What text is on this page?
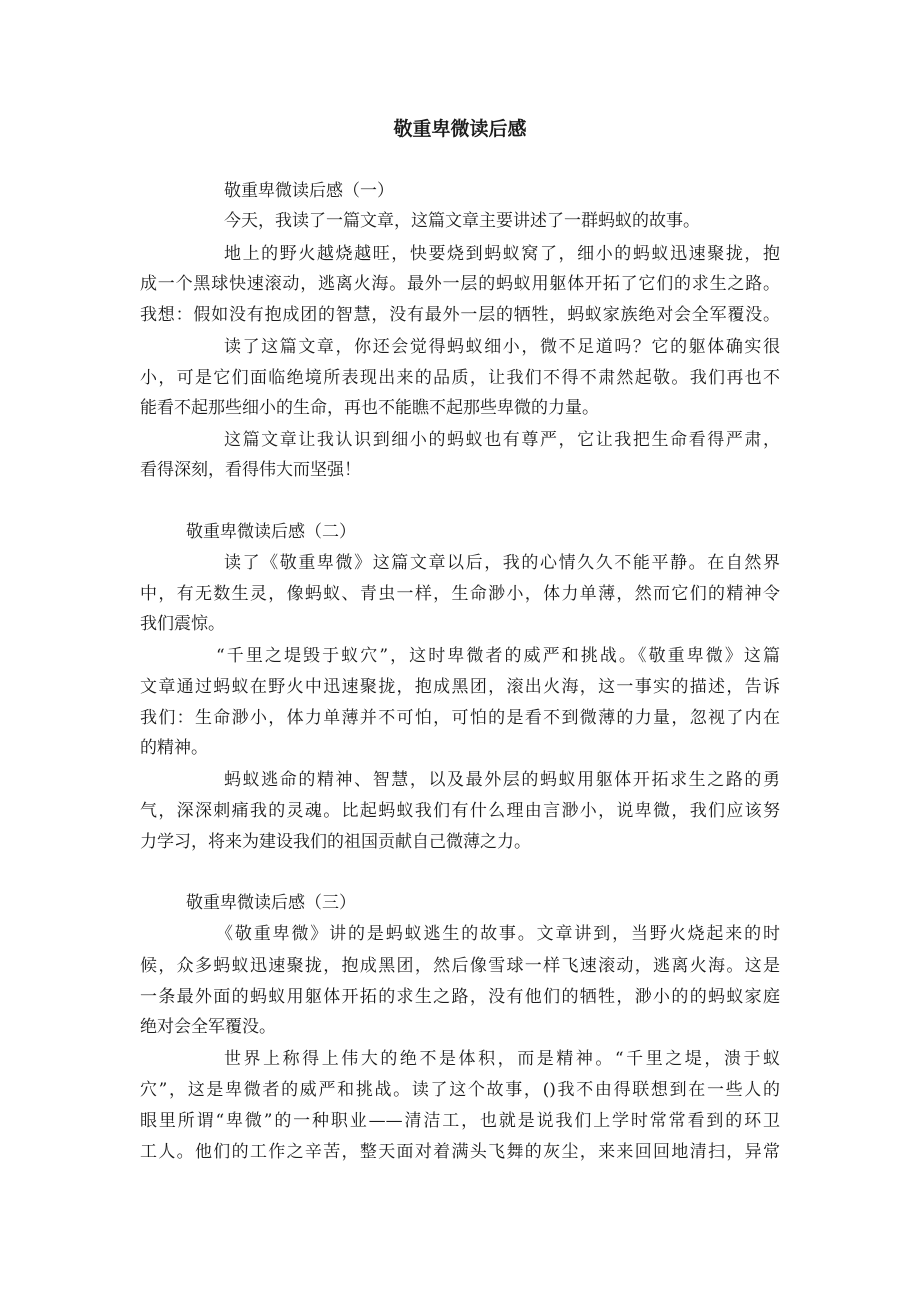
敬重卑微读后感
敬重卑微读后感（一）
今天，我读了一篇文章，这篇文章主要讲述了一群蚂蚁的故事。
地上的野火越烧越旺，快要烧到蚂蚁窝了，细小的蚂蚁迅速聚拢，抱
成一个黑球快速滚动，逃离火海。最外一层的蚂蚁用躯体开拓了它们的求生之路。
我想：假如没有抱成团的智慧，没有最外一层的牺牲，蚂蚁家族绝对会全军覆没。
读了这篇文章，你还会觉得蚂蚁细小，微不足道吗？它的躯体确实很
小，可是它们面临绝境所表现出来的品质，让我们不得不肃然起敬。我们再也不
能看不起那些细小的生命，再也不能瞧不起那些卑微的力量。
这篇文章让我认识到细小的蚂蚁也有尊严，它让我把生命看得严肃，
看得深刻，看得伟大而坚强！
敬重卑微读后感（二）
读了《敬重卑微》这篇文章以后，我的心情久久不能平静。在自然界
中，有无数生灵，像蚂蚁、青虫一样，生命渺小，体力单薄，然而它们的精神令
我们震惊。
“千里之堤毁于蚁穴”，这时卑微者的威严和挑战。《敬重卑微》这篇
文章通过蚂蚁在野火中迅速聚拢，抱成黑团，滚出火海，这一事实的描述，告诉
我们：生命渺小，体力单薄并不可怕，可怕的是看不到微薄的力量，忽视了内在
的精神。
蚂蚁逃命的精神、智慧，以及最外层的蚂蚁用躯体开拓求生之路的勇
气，深深刺痛我的灵魂。比起蚂蚁我们有什么理由言渺小，说卑微，我们应该努
力学习，将来为建设我们的祖国贡献自己微薄之力。
敬重卑微读后感（三）
《敬重卑微》讲的是蚂蚁逃生的故事。文章讲到，当野火烧起来的时
候，众多蚂蚁迅速聚拢，抱成黑团，然后像雪球一样飞速滚动，逃离火海。这是
一条最外面的蚂蚁用躯体开拓的求生之路，没有他们的牺牲，渺小的的蚂蚁家庭
绝对会全军覆没。
世界上称得上伟大的绝不是体积，而是精神。“千里之堤，溃于蚁
穴”，这是卑微者的威严和挑战。读了这个故事，()我不由得联想到在一些人的
眼里所谓“卑微”的一种职业——清洁工，也就是说我们上学时常常看到的环卫
工人。他们的工作之辛苦，整天面对着满头飞舞的灰尘，来来回回地清扫，异常
